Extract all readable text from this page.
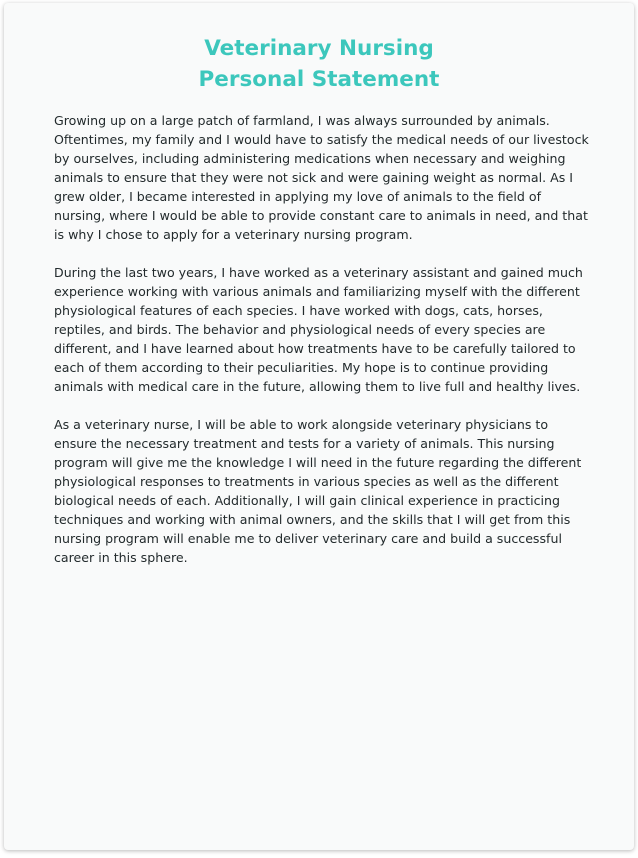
Veterinary Nursing
Personal Statement

Growing up on a large patch of farmland, I was always surrounded by animals. Oftentimes, my family and I would have to satisfy the medical needs of our livestock by ourselves, including administering medications when necessary and weighing animals to ensure that they were not sick and were gaining weight as normal. As I grew older, I became interested in applying my love of animals to the field of nursing, where I would be able to provide constant care to animals in need, and that is why I chose to apply for a veterinary nursing program.

During the last two years, I have worked as a veterinary assistant and gained much experience working with various animals and familiarizing myself with the different physiological features of each species. I have worked with dogs, cats, horses, reptiles, and birds. The behavior and physiological needs of every species are different, and I have learned about how treatments have to be carefully tailored to each of them according to their peculiarities. My hope is to continue providing animals with medical care in the future, allowing them to live full and healthy lives.

As a veterinary nurse, I will be able to work alongside veterinary physicians to ensure the necessary treatment and tests for a variety of animals. This nursing program will give me the knowledge I will need in the future regarding the different physiological responses to treatments in various species as well as the different biological needs of each. Additionally, I will gain clinical experience in practicing techniques and working with animal owners, and the skills that I will get from this nursing program will enable me to deliver veterinary care and build a successful career in this sphere.
